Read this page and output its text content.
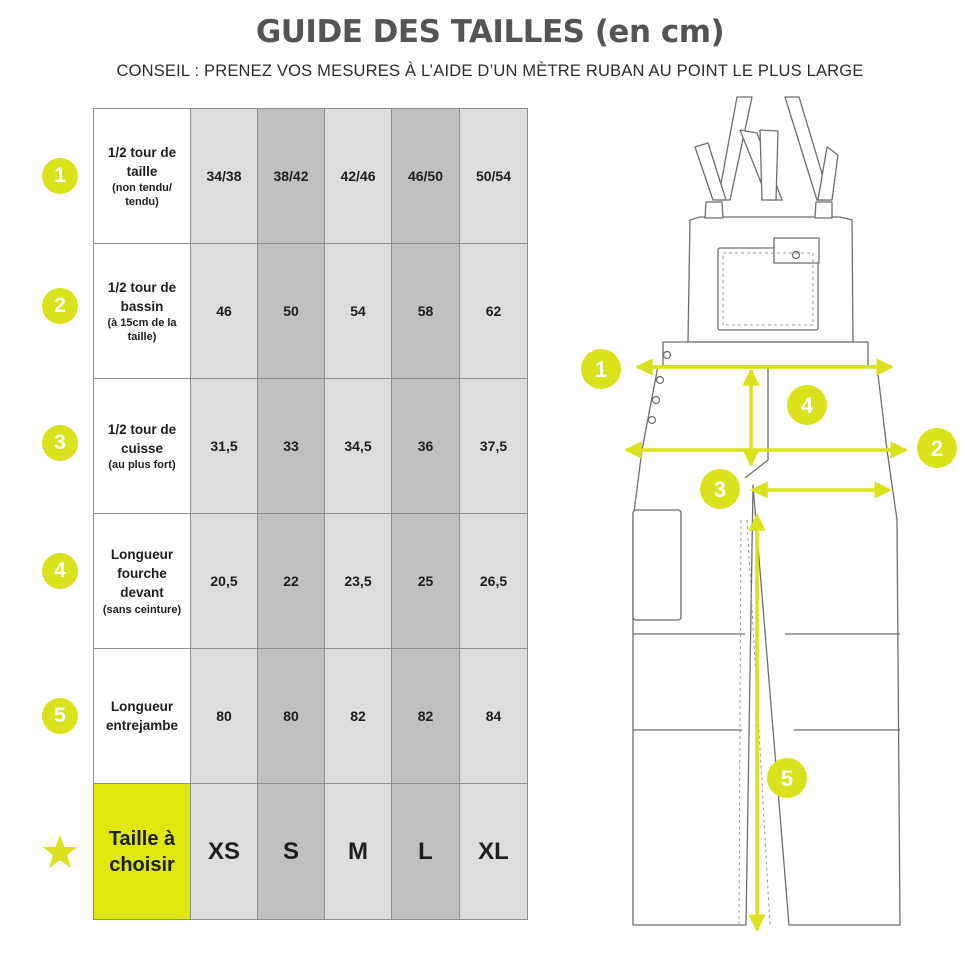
GUIDE DES TAILLES (en cm)
CONSEIL : PRENEZ VOS MESURES À L’AIDE D’UN MÈTRE RUBAN AU POINT LE PLUS LARGE
1
2
3
4
5
1/2 tour de taille
(non tendu/ tendu)
34/38	38/42	42/46	46/50	50/54
1/2 tour de bassin
(à 15cm de la taille)
46	50	54	58	62
1/2 tour de cuisse
(au plus fort)
31,5	33	34,5	36	37,5
Longueur fourche devant
(sans ceinture)
20,5	22	23,5	25	26,5
Longueur entrejambe
80	80	82	82	84
Taille à choisir	XS	S	M	L	XL
1
2
3
4
5
